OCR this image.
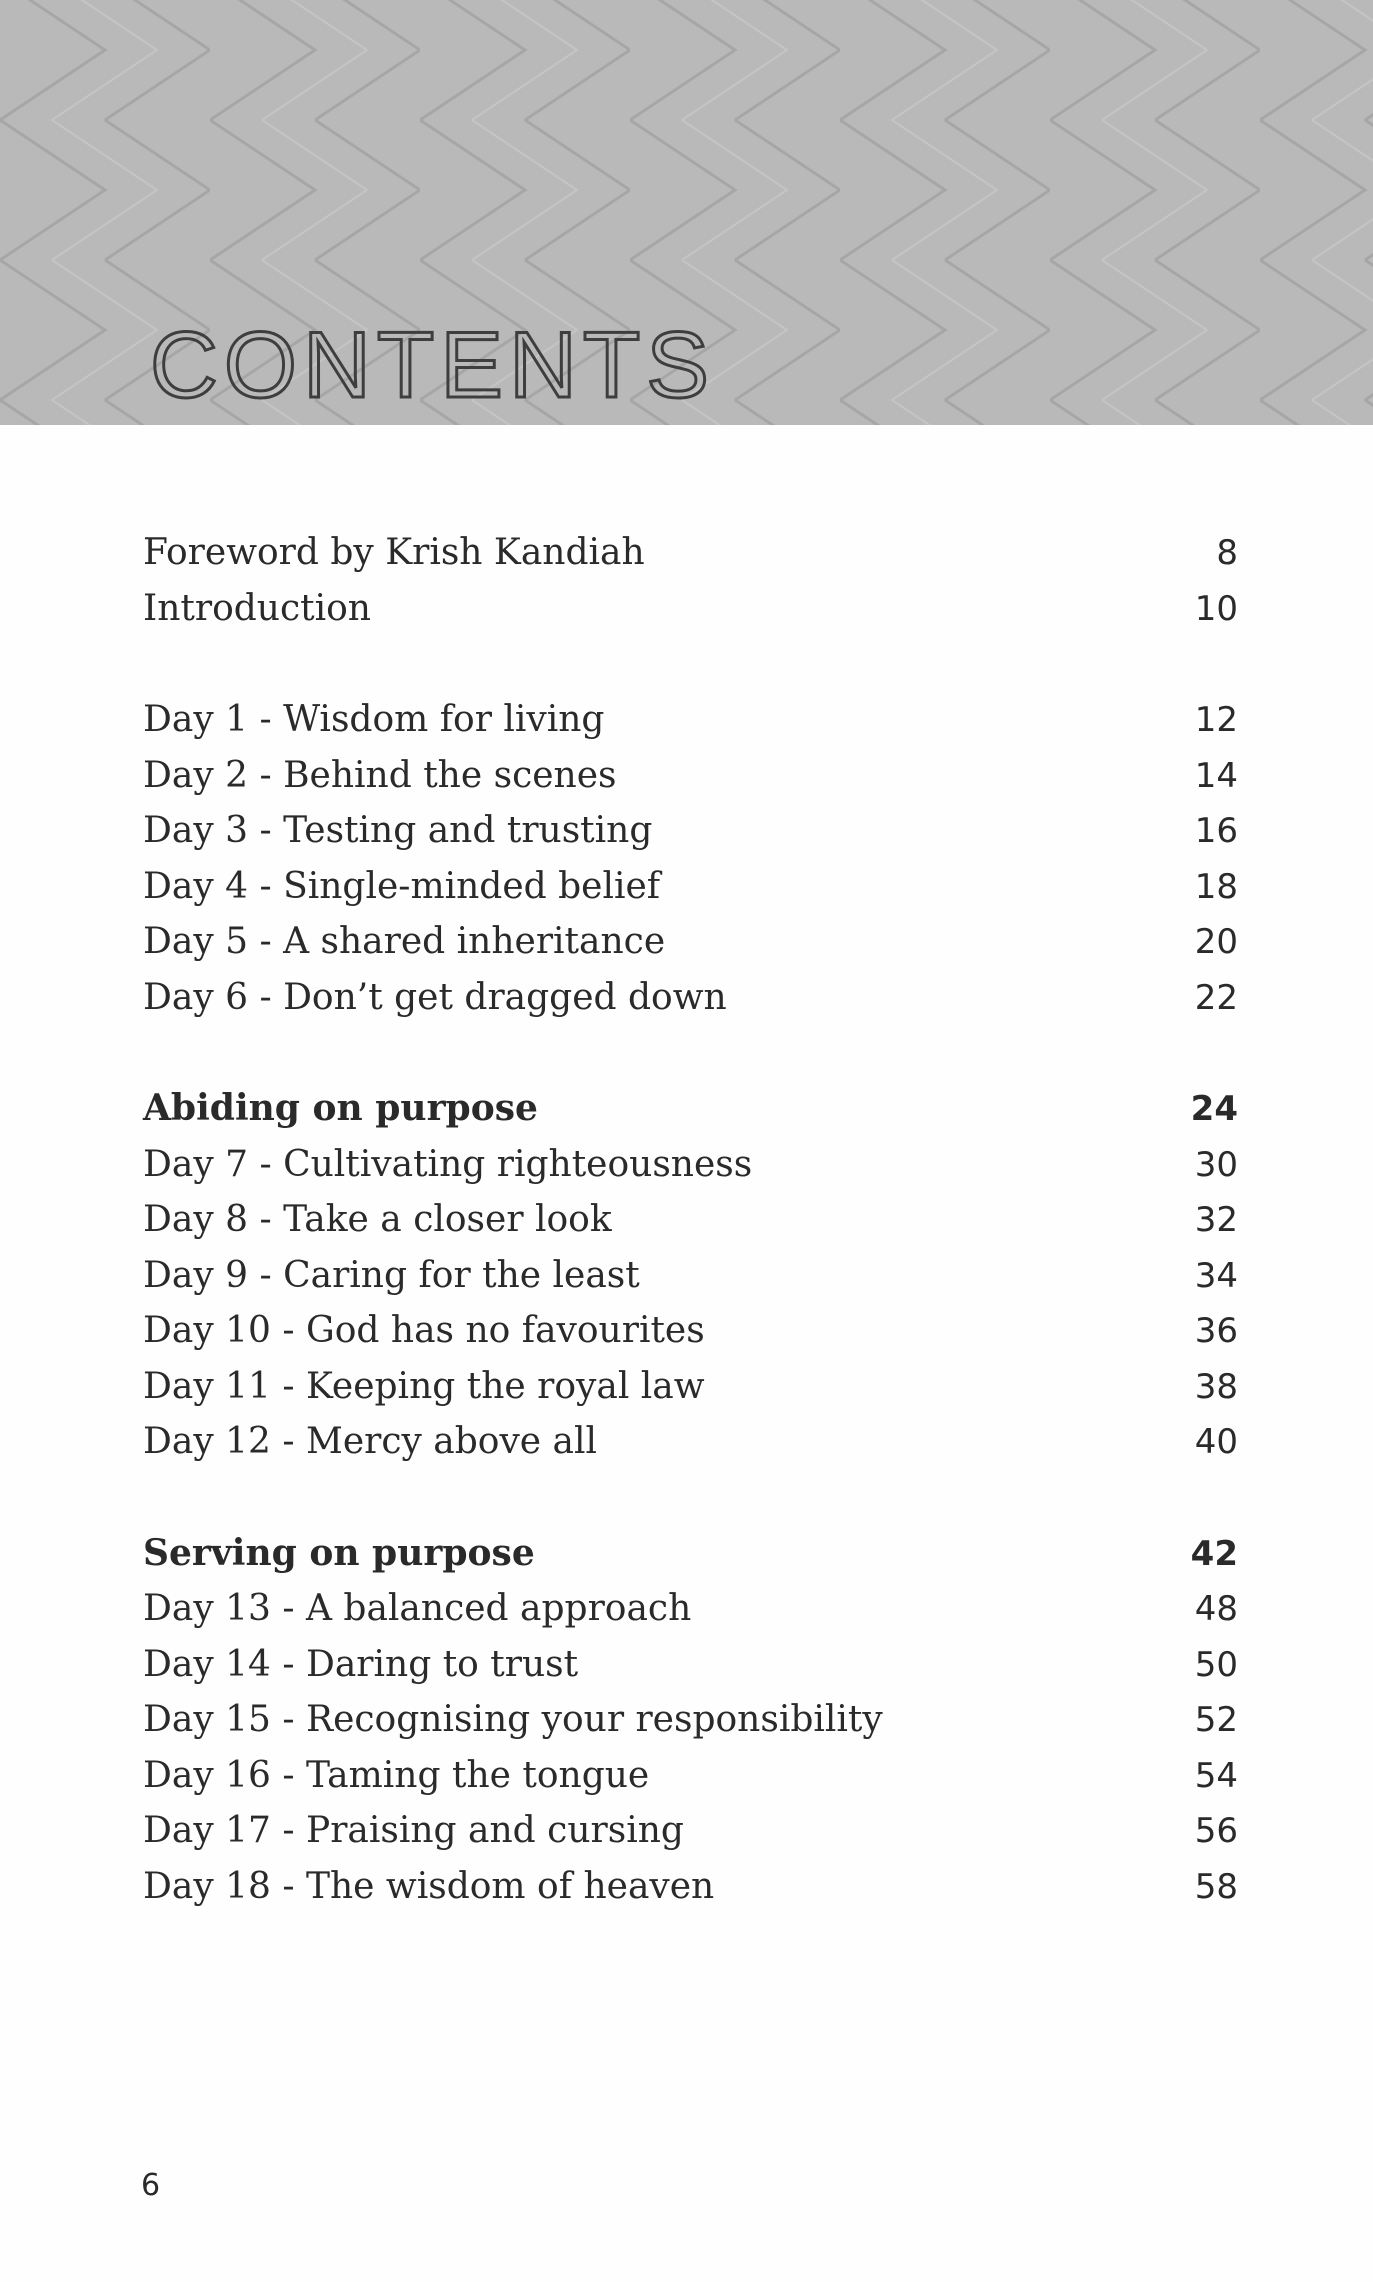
CONTENTS
Foreword by Krish Kandiah	8
Introduction	10
Day 1 - Wisdom for living	12
Day 2 - Behind the scenes	14
Day 3 - Testing and trusting	16
Day 4 - Single-minded belief	18
Day 5 - A shared inheritance	20
Day 6 - Don’t get dragged down	22
Abiding on purpose	24
Day 7 - Cultivating righteousness	30
Day 8 - Take a closer look	32
Day 9 - Caring for the least	34
Day 10 - God has no favourites	36
Day 11 - Keeping the royal law	38
Day 12 - Mercy above all	40
Serving on purpose	42
Day 13 - A balanced approach	48
Day 14 - Daring to trust	50
Day 15 - Recognising your responsibility	52
Day 16 - Taming the tongue	54
Day 17 - Praising and cursing	56
Day 18 - The wisdom of heaven	58
6
